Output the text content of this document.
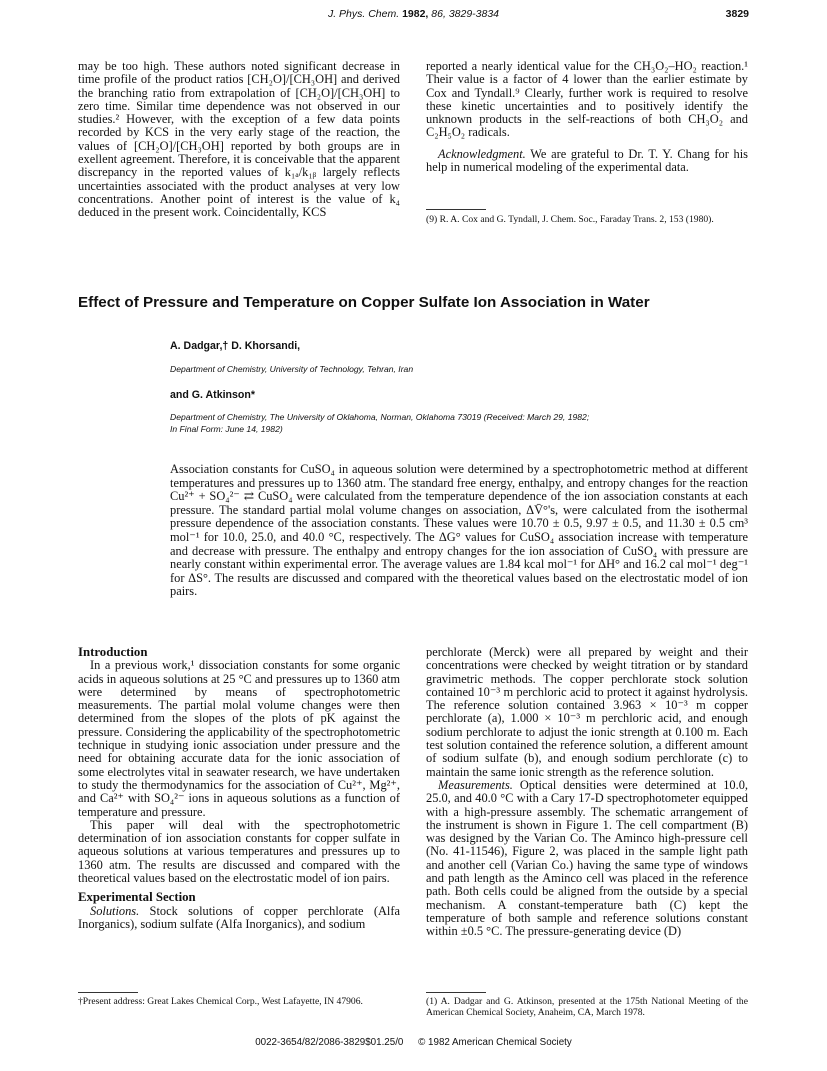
J. Phys. Chem. 1982, 86, 3829-3834	3829

may be too high. These authors noted significant decrease in time profile of the product ratios [CH₂O]/[CH₃OH] and derived the branching ratio from extrapolation of [CH₂O]/[CH₃OH] to zero time. Similar time dependence was not observed in our studies.² However, with the exception of a few data points recorded by KCS in the very early stage of the reaction, the values of [CH₂O]/[CH₃OH] reported by both groups are in exellent agreement. Therefore, it is conceivable that the apparent discrepancy in the reported values of k₁ₐ/k₁ᵦ largely reflects uncertainties associated with the product analyses at very low concentrations. Another point of interest is the value of k₄ deduced in the present work. Coincidentally, KCS

reported a nearly identical value for the CH₃O₂–HO₂ reaction.¹ Their value is a factor of 4 lower than the earlier estimate by Cox and Tyndall.⁹ Clearly, further work is required to resolve these kinetic uncertainties and to positively identify the unknown products in the self-reactions of both CH₃O₂ and C₂H₅O₂ radicals.

Acknowledgment. We are grateful to Dr. T. Y. Chang for his help in numerical modeling of the experimental data.

(9) R. A. Cox and G. Tyndall, J. Chem. Soc., Faraday Trans. 2, 153 (1980).
Effect of Pressure and Temperature on Copper Sulfate Ion Association in Water
A. Dadgar,† D. Khorsandi,
Department of Chemistry, University of Technology, Tehran, Iran
and G. Atkinson*
Department of Chemistry, The University of Oklahoma, Norman, Oklahoma 73019 (Received: March 29, 1982;
In Final Form: June 14, 1982)
Association constants for CuSO₄ in aqueous solution were determined by a spectrophotometric method at different temperatures and pressures up to 1360 atm. The standard free energy, enthalpy, and entropy changes for the reaction Cu²⁺ + SO₄²⁻ ⇄ CuSO₄ were calculated from the temperature dependence of the ion association constants at each pressure. The standard partial molal volume changes on association, ΔV̄°'s, were calculated from the isothermal pressure dependence of the association constants. These values were 10.70 ± 0.5, 9.97 ± 0.5, and 11.30 ± 0.5 cm³ mol⁻¹ for 10.0, 25.0, and 40.0 °C, respectively. The ΔG° values for CuSO₄ association increase with temperature and decrease with pressure. The enthalpy and entropy changes for the ion association of CuSO₄ with pressure are nearly constant within experimental error. The average values are 1.84 kcal mol⁻¹ for ΔH° and 16.2 cal mol⁻¹ deg⁻¹ for ΔS°. The results are discussed and compared with the theoretical values based on the electrostatic model of ion pairs.

Introduction

In a previous work,¹ dissociation constants for some organic acids in aqueous solutions at 25 °C and pressures up to 1360 atm were determined by means of spectrophotometric measurements. The partial molal volume changes were then determined from the slopes of the plots of pK against the pressure. Considering the applicability of the spectrophotometric technique in studying ionic association under pressure and the need for obtaining accurate data for the ionic association of some electrolytes vital in seawater research, we have undertaken to study the thermodynamics for the association of Cu²⁺, Mg²⁺, and Ca²⁺ with SO₄²⁻ ions in aqueous solutions as a function of temperature and pressure.

This paper will deal with the spectrophotometric determination of ion association constants for copper sulfate in aqueous solutions at various temperatures and pressures up to 1360 atm. The results are discussed and compared with the theoretical values based on the electrostatic model of ion pairs.

Experimental Section

Solutions. Stock solutions of copper perchlorate (Alfa Inorganics), sodium sulfate (Alfa Inorganics), and sodium

perchlorate (Merck) were all prepared by weight and their concentrations were checked by weight titration or by standard gravimetric methods. The copper perchlorate stock solution contained 10⁻³ m perchloric acid to protect it against hydrolysis. The reference solution contained 3.963 × 10⁻³ m copper perchlorate (a), 1.000 × 10⁻³ m perchloric acid, and enough sodium perchlorate to adjust the ionic strength at 0.100 m. Each test solution contained the reference solution, a different amount of sodium sulfate (b), and enough sodium perchlorate (c) to maintain the same ionic strength as the reference solution.

Measurements. Optical densities were determined at 10.0, 25.0, and 40.0 °C with a Cary 17-D spectrophotometer equipped with a high-pressure assembly. The schematic arrangement of the instrument is shown in Figure 1. The cell compartment (B) was designed by the Varian Co. The Aminco high-pressure cell (No. 41-11546), Figure 2, was placed in the sample light path and another cell (Varian Co.) having the same type of windows and path length as the Aminco cell was placed in the reference path. Both cells could be aligned from the outside by a special mechanism. A constant-temperature bath (C) kept the temperature of both sample and reference solutions constant within ±0.5 °C. The pressure-generating device (D)

†Present address: Great Lakes Chemical Corp., West Lafayette, IN 47906.	(1) A. Dadgar and G. Atkinson, presented at the 175th National Meeting of the American Chemical Society, Anaheim, CA, March 1978.
0022-3654/82/2086-3829$01.25/0 © 1982 American Chemical Society
